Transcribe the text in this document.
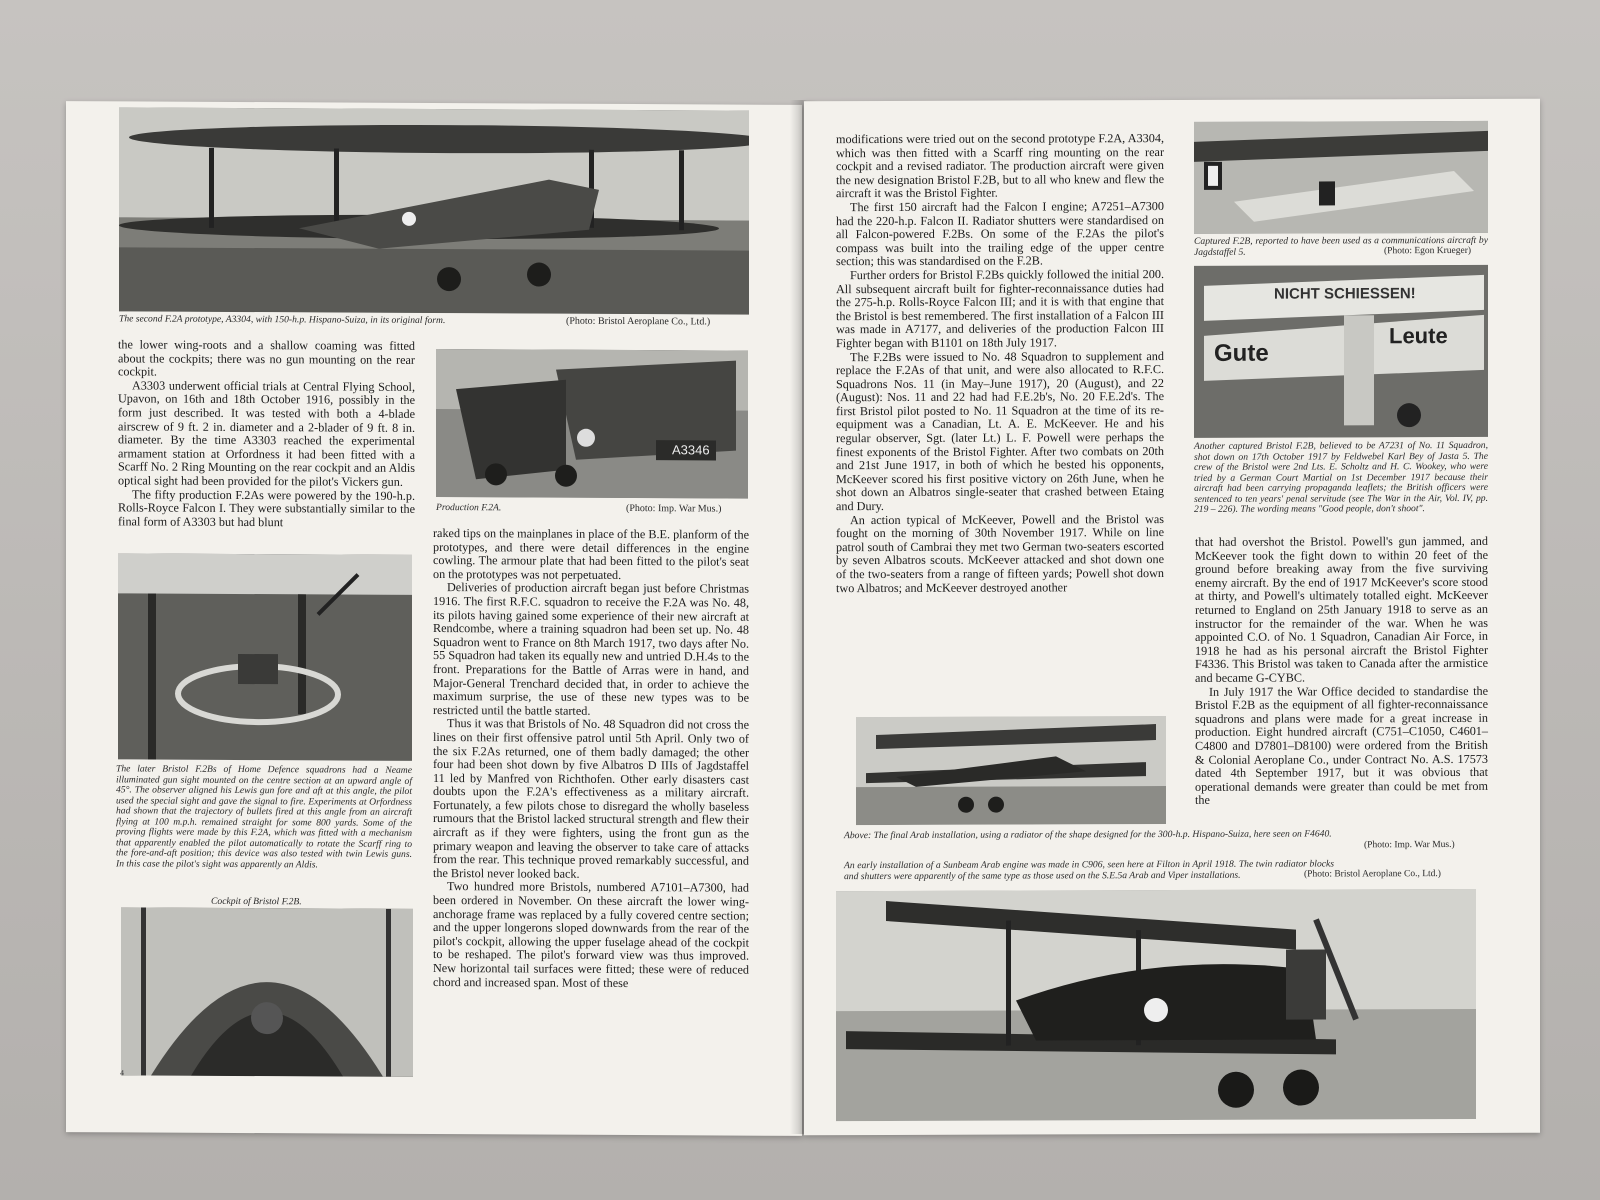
The second F.2A prototype, A3304, with 150-h.p. Hispano-Suiza, in its original form.	(Photo: Bristol Aeroplane Co., Ltd.)
A3346
Production F.2A.	(Photo: Imp. War Mus.)

the lower wing-roots and a shallow coaming was fitted about the cockpits; there was no gun mounting on the rear cockpit.

A3303 underwent official trials at Central Flying School, Upavon, on 16th and 18th October 1916, possibly in the form just described. It was tested with both a 4-blade airscrew of 9 ft. 2 in. diameter and a 2-blader of 9 ft. 8 in. diameter. By the time A3303 reached the experimental armament station at Orfordness it had been fitted with a Scarff No. 2 Ring Mounting on the rear cockpit and an Aldis optical sight had been provided for the pilot's Vickers gun.

The fifty production F.2As were powered by the 190-h.p. Rolls-Royce Falcon I. They were substantially similar to the final form of A3303 but had blunt

The later Bristol F.2Bs of Home Defence squadrons had a Neame illuminated gun sight mounted on the centre section at an upward angle of 45°. The observer aligned his Lewis gun fore and aft at this angle, the pilot used the special sight and gave the signal to fire. Experiments at Orfordness had shown that the trajectory of bullets fired at this angle from an aircraft flying at 100 m.p.h. remained straight for some 800 yards. Some of the proving flights were made by this F.2A, which was fitted with a mechanism that apparently enabled the pilot automatically to rotate the Scarff ring to the fore-and-aft position; this device was also tested with twin Lewis guns. In this case the pilot's sight was apparently an Aldis.
Cockpit of Bristol F.2B.

raked tips on the mainplanes in place of the B.E. planform of the prototypes, and there were detail differences in the engine cowling. The armour plate that had been fitted to the pilot's seat on the prototypes was not perpetuated.

Deliveries of production aircraft began just before Christmas 1916. The first R.F.C. squadron to receive the F.2A was No. 48, its pilots having gained some experience of their new aircraft at Rendcombe, where a training squadron had been set up. No. 48 Squadron went to France on 8th March 1917, two days after No. 55 Squadron had taken its equally new and untried D.H.4s to the front. Preparations for the Battle of Arras were in hand, and Major-General Trenchard decided that, in order to achieve the maximum surprise, the use of these new types was to be restricted until the battle started.

Thus it was that Bristols of No. 48 Squadron did not cross the lines on their first offensive patrol until 5th April. Only two of the six F.2As returned, one of them badly damaged; the other four had been shot down by five Albatros D IIIs of Jagdstaffel 11 led by Manfred von Richthofen. Other early disasters cast doubts upon the F.2A's effectiveness as a military aircraft. Fortunately, a few pilots chose to disregard the wholly baseless rumours that the Bristol lacked structural strength and flew their aircraft as if they were fighters, using the front gun as the primary weapon and leaving the observer to take care of attacks from the rear. This technique proved remarkably successful, and the Bristol never looked back.

Two hundred more Bristols, numbered A7101–A7300, had been ordered in November. On these aircraft the lower wing-anchorage frame was replaced by a fully covered centre section; and the upper longerons sloped downwards from the rear of the pilot's cockpit, allowing the upper fuselage ahead of the cockpit to be reshaped. The pilot's forward view was thus improved. New horizontal tail surfaces were fitted; these were of reduced chord and increased span. Most of these

4

modifications were tried out on the second prototype F.2A, A3304, which was then fitted with a Scarff ring mounting on the rear cockpit and a revised radiator. The production aircraft were given the new designation Bristol F.2B, but to all who knew and flew the aircraft it was the Bristol Fighter.

The first 150 aircraft had the Falcon I engine; A7251–A7300 had the 220-h.p. Falcon II. Radiator shutters were standardised on all Falcon-powered F.2Bs. On some of the F.2As the pilot's compass was built into the trailing edge of the upper centre section; this was standardised on the F.2B.

Further orders for Bristol F.2Bs quickly followed the initial 200. All subsequent aircraft built for fighter-reconnaissance duties had the 275-h.p. Rolls-Royce Falcon III; and it is with that engine that the Bristol is best remembered. The first installation of a Falcon III was made in A7177, and deliveries of the production Falcon III Fighter began with B1101 on 18th July 1917.

The F.2Bs were issued to No. 48 Squadron to supplement and replace the F.2As of that unit, and were also allocated to R.F.C. Squadrons Nos. 11 (in May–June 1917), 20 (August), and 22 (August): Nos. 11 and 22 had had F.E.2b's, No. 20 F.E.2d's. The first Bristol pilot posted to No. 11 Squadron at the time of its re-equipment was a Canadian, Lt. A. E. McKeever. He and his regular observer, Sgt. (later Lt.) L. F. Powell were perhaps the finest exponents of the Bristol Fighter. After two combats on 20th and 21st June 1917, in both of which he bested his opponents, McKeever scored his first positive victory on 26th June, when he shot down an Albatros single-seater that crashed between Etaing and Dury.

An action typical of McKeever, Powell and the Bristol was fought on the morning of 30th November 1917. While on line patrol south of Cambrai they met two German two-seaters escorted by seven Albatros scouts. McKeever attacked and shot down one of the two-seaters from a range of fifteen yards; Powell shot down two Albatros; and McKeever destroyed another

Captured F.2B, reported to have been used as a communications aircraft by Jagdstaffel 5.	(Photo: Egon Krueger)
NICHT SCHIESSEN!
Gute
Leute
Another captured Bristol F.2B, believed to be A7231 of No. 11 Squadron, shot down on 17th October 1917 by Feldwebel Karl Bey of Jasta 5. The crew of the Bristol were 2nd Lts. E. Scholtz and H. C. Wookey, who were tried by a German Court Martial on 1st December 1917 because their aircraft had been carrying propaganda leaflets; the British officers were sentenced to ten years' penal servitude (see The War in the Air, Vol. IV, pp. 219 – 226). The wording means "Good people, don't shoot".

that had overshot the Bristol. Powell's gun jammed, and McKeever took the fight down to within 20 feet of the ground before breaking away from the five surviving enemy aircraft. By the end of 1917 McKeever's score stood at thirty, and Powell's ultimately totalled eight. McKeever returned to England on 25th January 1918 to serve as an instructor for the remainder of the war. When he was appointed C.O. of No. 1 Squadron, Canadian Air Force, in 1918 he had as his personal aircraft the Bristol Fighter F4336. This Bristol was taken to Canada after the armistice and became G-CYBC.

In July 1917 the War Office decided to standardise the Bristol F.2B as the equipment of all fighter-reconnaissance squadrons and plans were made for a great increase in production. Eight hundred aircraft (C751–C1050, C4601–C4800 and D7801–D8100) were ordered from the British & Colonial Aeroplane Co., under Contract No. A.S. 17573 dated 4th September 1917, but it was obvious that operational demands were greater than could be met from the

Above: The final Arab installation, using a radiator of the shape designed for the 300-h.p. Hispano-Suiza, here seen on F4640.
(Photo: Imp. War Mus.)
An early installation of a Sunbeam Arab engine was made in C906, seen here at Filton in April 1918. The twin radiator blocks and shutters were apparently of the same type as those used on the S.E.5a Arab and Viper installations.	(Photo: Bristol Aeroplane Co., Ltd.)
